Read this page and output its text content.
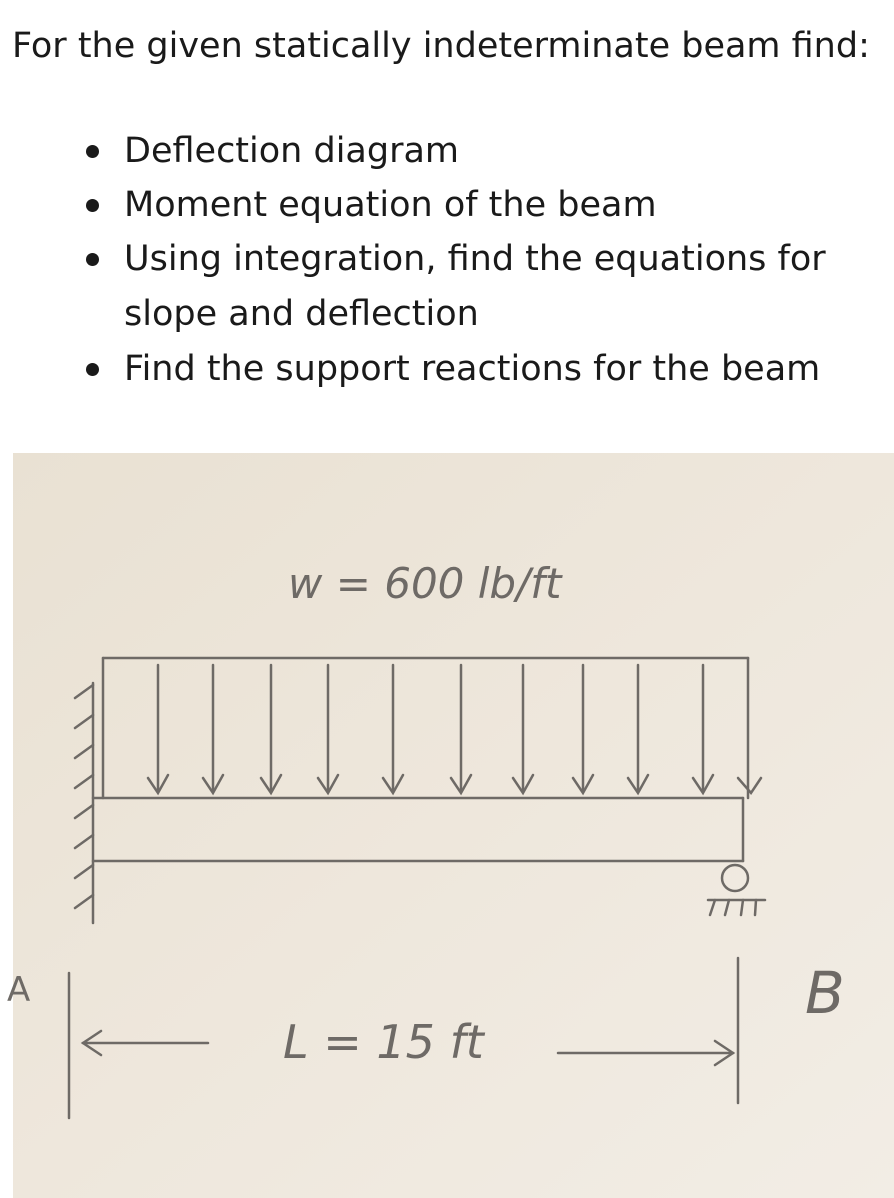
For the given statically indeterminate beam find:
Deflection diagram
Moment equation of the beam
Using integration, find the equations for slope and deflection
Find the support reactions for the beam
w = 600 lb/ft
L = 15 ft
A	B
